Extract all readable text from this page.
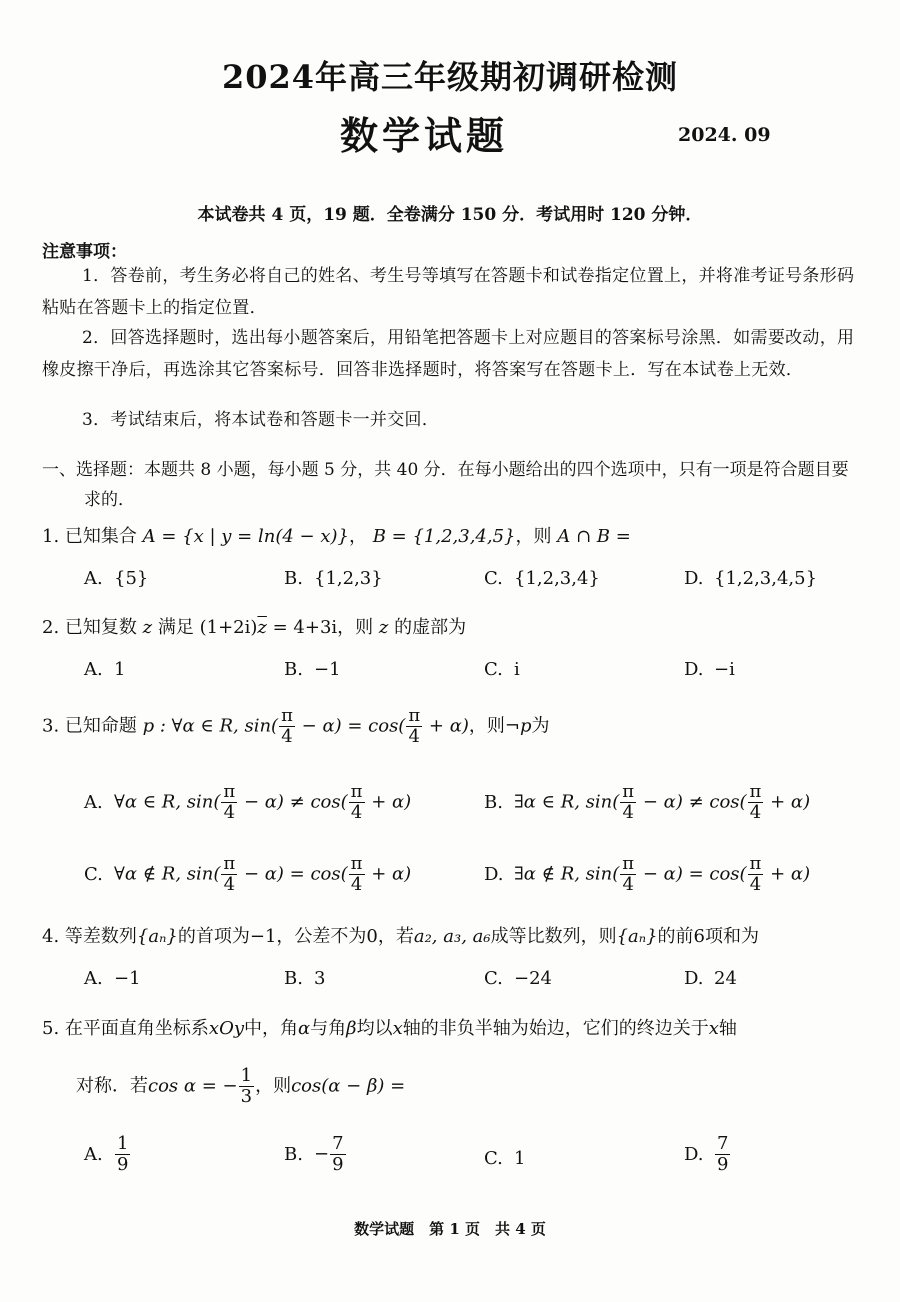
2024年高三年级期初调研检测
数学试题	2024. 09
本试卷共 4 页，19 题．全卷满分 150 分．考试用时 120 分钟．
注意事项：
1．答卷前，考生务必将自己的姓名、考生号等填写在答题卡和试卷指定位置上，并将准考证号条形码粘贴在答题卡上的指定位置．
2．回答选择题时，选出每小题答案后，用铅笔把答题卡上对应题目的答案标号涂黑．如需要改动，用橡皮擦干净后，再选涂其它答案标号．回答非选择题时，将答案写在答题卡上．写在本试卷上无效．
3．考试结束后，将本试卷和答题卡一并交回．
一、选择题：本题共 8 小题，每小题 5 分，共 40 分．在每小题给出的四个选项中，只有一项是符合题目要求的．
1. 已知集合 A = {x | y = ln(4 − x)}， B = {1,2,3,4,5}，则 A ∩ B =
A. {5}	B. {1,2,3}	C. {1,2,3,4}	D. {1,2,3,4,5}
2. 已知复数 z 满足 $(1+2i)\overline{z} = 4+3i$，则 z 的虚部为
A. 1	B. −1	C. i	D. −i
3. 已知命题 p : ∀α ∈ R, $\sin( \frac{\pi}{4} - \alpha) = \cos( \frac{\pi}{4} + \alpha)$，则¬p为
A. ∀α ∈ R, $\sin( \frac{\pi}{4} - \alpha) \ne \cos( \frac{\pi}{4} + \alpha)$	B. ∃α ∈ R, $\sin( \frac{\pi}{4} - \alpha) \ne \cos( \frac{\pi}{4} + \alpha)$
C. ∀α ∉ R, $\sin( \frac{\pi}{4} - \alpha) = \cos( \frac{\pi}{4} + \alpha)$	D. ∃α ∉ R, $\sin( \frac{\pi}{4} - \alpha) = \cos( \frac{\pi}{4} + \alpha)$
4. 等差数列{aₙ}的首项为−1，公差不为0，若a₂, a₃, a₆成等比数列，则{aₙ}的前6项和为
A. −1	B. 3	C. −24	D. 24
5. 在平面直角坐标系xOy中，角α与角β均以x轴的非负半轴为始边，它们的终边关于x轴
对称．若cos α = − $\frac{1}{3}$ ，则cos(α − β) =
A. $\frac{1}{9}$	B. − $\frac{7}{9}$	C. 1	D. $\frac{7}{9}$
数学试题　第 1 页　共 4 页
